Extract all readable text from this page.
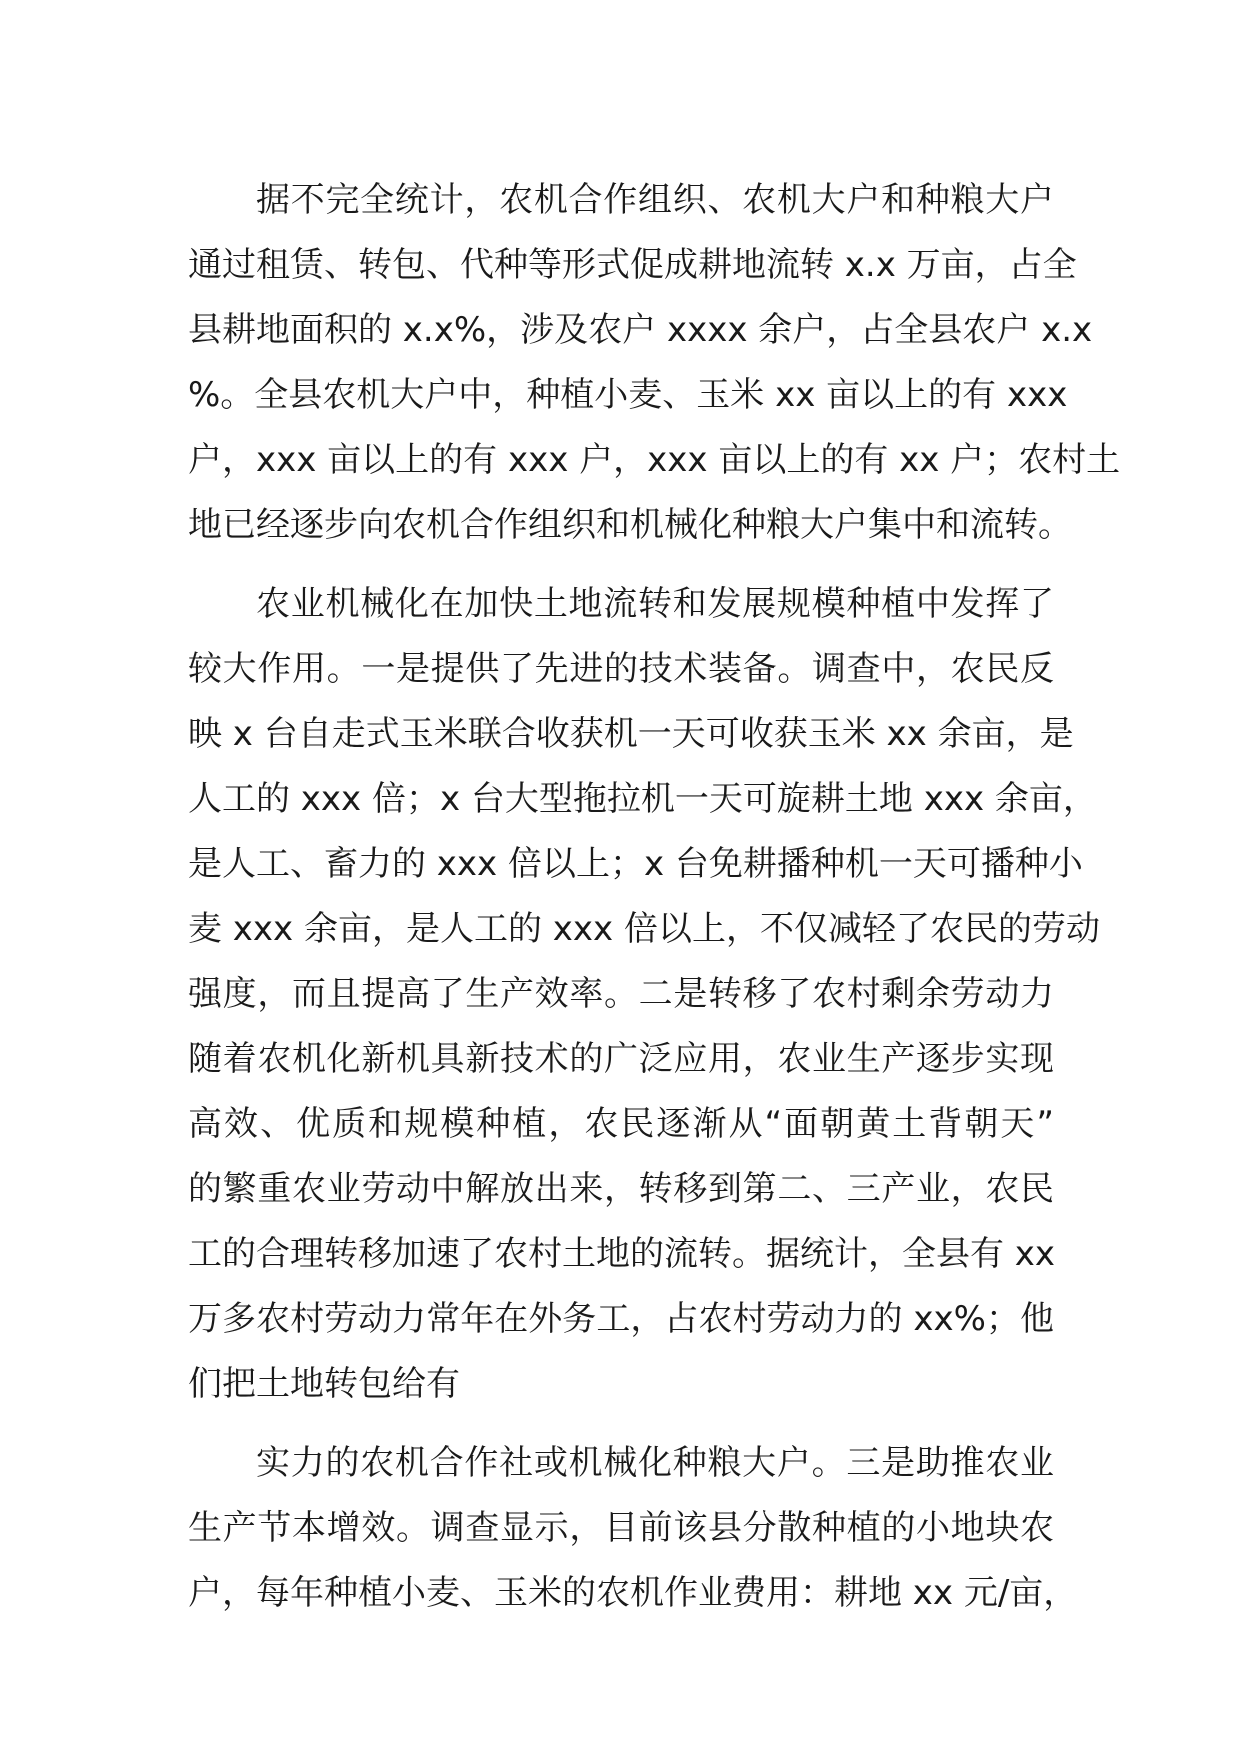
据不完全统计，农机合作组织、农机大户和种粮大户
通过租赁、转包、代种等形式促成耕地流转 x.x 万亩，占全
县耕地面积的 x.x%，涉及农户 xxxx 余户，占全县农户 x.x
%。全县农机大户中，种植小麦、玉米 xx 亩以上的有 xxx
户，xxx 亩以上的有 xxx 户，xxx 亩以上的有 xx 户；农村土
地已经逐步向农机合作组织和机械化种粮大户集中和流转。
农业机械化在加快土地流转和发展规模种植中发挥了
较大作用。一是提供了先进的技术装备。调查中，农民反
映 x 台自走式玉米联合收获机一天可收获玉米 xx 余亩，是
人工的 xxx 倍；x 台大型拖拉机一天可旋耕土地 xxx 余亩，
是人工、畜力的 xxx 倍以上；x 台免耕播种机一天可播种小
麦 xxx 余亩，是人工的 xxx 倍以上，不仅减轻了农民的劳动
强度，而且提高了生产效率。二是转移了农村剩余劳动力
随着农机化新机具新技术的广泛应用，农业生产逐步实现
高效、优质和规模种植，农民逐渐从“面朝黄土背朝天”
的繁重农业劳动中解放出来，转移到第二、三产业，农民
工的合理转移加速了农村土地的流转。据统计，全县有 xx
万多农村劳动力常年在外务工，占农村劳动力的 xx%；他
们把土地转包给有
实力的农机合作社或机械化种粮大户。三是助推农业
生产节本增效。调查显示，目前该县分散种植的小地块农
户，每年种植小麦、玉米的农机作业费用：耕地 xx 元/亩，
